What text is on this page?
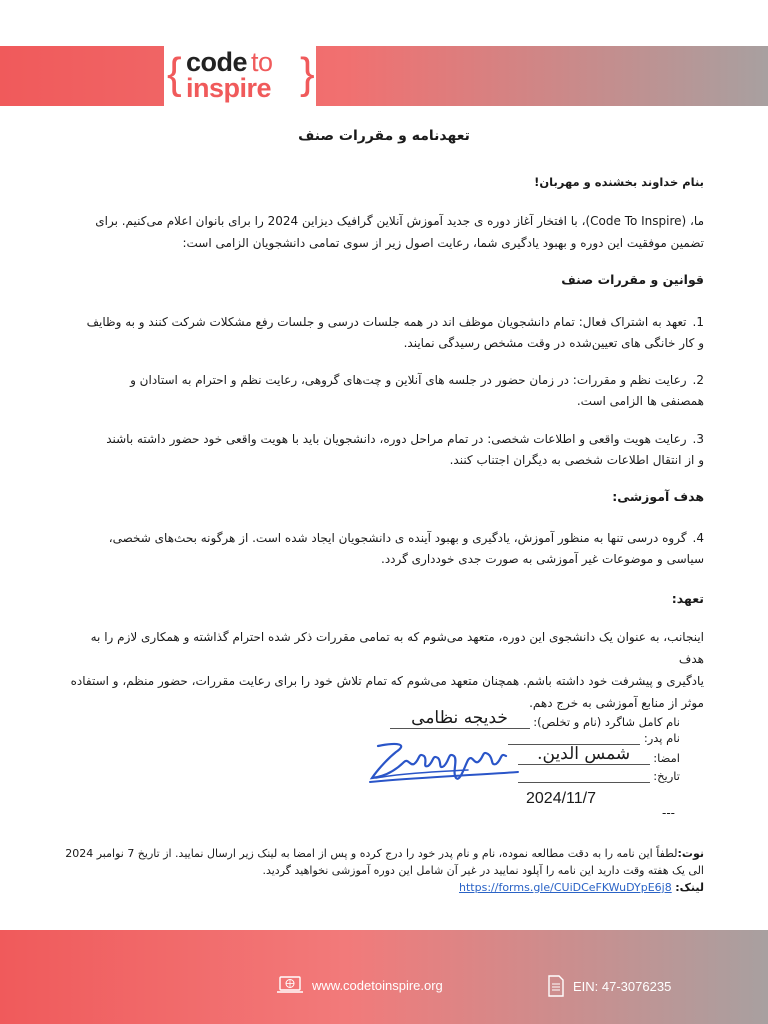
{ code to
inspire }
تعهدنامه و مقررات صنف
بنام خداوند بخشنده و مهربان!
ما، (Code To Inspire)، با افتخار آغاز دوره ی جدید آموزش آنلاین گرافیک دیزاین 2024 را برای بانوان اعلام می‌کنیم. برای
تضمین موفقیت این دوره و بهبود یادگیری شما، رعایت اصول زیر از سوی تمامی دانشجویان الزامی است:
قوانین و مقررات صنف
1.تعهد به اشتراک فعال: تمام دانشجویان موظف اند در همه جلسات درسی و جلسات رفع مشکلات شرکت کنند و به وظایف
و کار خانگی های تعیین‌شده در وقت مشخص رسیدگی نمایند.
2.رعایت نظم و مقررات: در زمان حضور در جلسه های آنلاین و چت‌های گروهی، رعایت نظم و احترام به استادان و
همصنفی ها الزامی است.
3.رعایت هویت واقعی و اطلاعات شخصی: در تمام مراحل دوره، دانشجویان باید با هویت واقعی خود حضور داشته باشند
و از انتقال اطلاعات شخصی به دیگران اجتناب کنند.
هدف آموزشی:
4.گروه درسی تنها به منظور آموزش، یادگیری و بهبود آینده ی دانشجویان ایجاد شده است. از هرگونه بحث‌های شخصی،
سیاسی و موضوعات غیر آموزشی به صورت جدی خودداری گردد.
تعهد:
اینجانب، به عنوان یک دانشجوی این دوره، متعهد می‌شوم که به تمامی مقررات ذکر شده احترام گذاشته و همکاری لازم را به هدف
یادگیری و پیشرفت خود داشته باشم. همچنان متعهد می‌شوم که تمام تلاش خود را برای رعایت مقررات، حضور منظم، و استفاده
موثر از منابع آموزشی به خرج دهم.
نام کامل شاگرد (نام و تخلص): خدیجه نظامی
نام پدر:
امضا: شمس الدین.
تاریخ:
2024/11/7
---
نوت:لطفاً این نامه را به دقت مطالعه نموده، نام و نام پدر خود را درج کرده و پس از امضا به لینک زیر ارسال نمایید. از تاریخ 7 نوامبر 2024
الی یک هفته وقت دارید این نامه را آپلود نمایید در غیر آن شامل این دوره آموزشی نخواهید گردید.
لینک: https://forms.gle/CUiDCeFKWuDYpE6j8
www.codetoinspire.org	EIN: 47-3076235
